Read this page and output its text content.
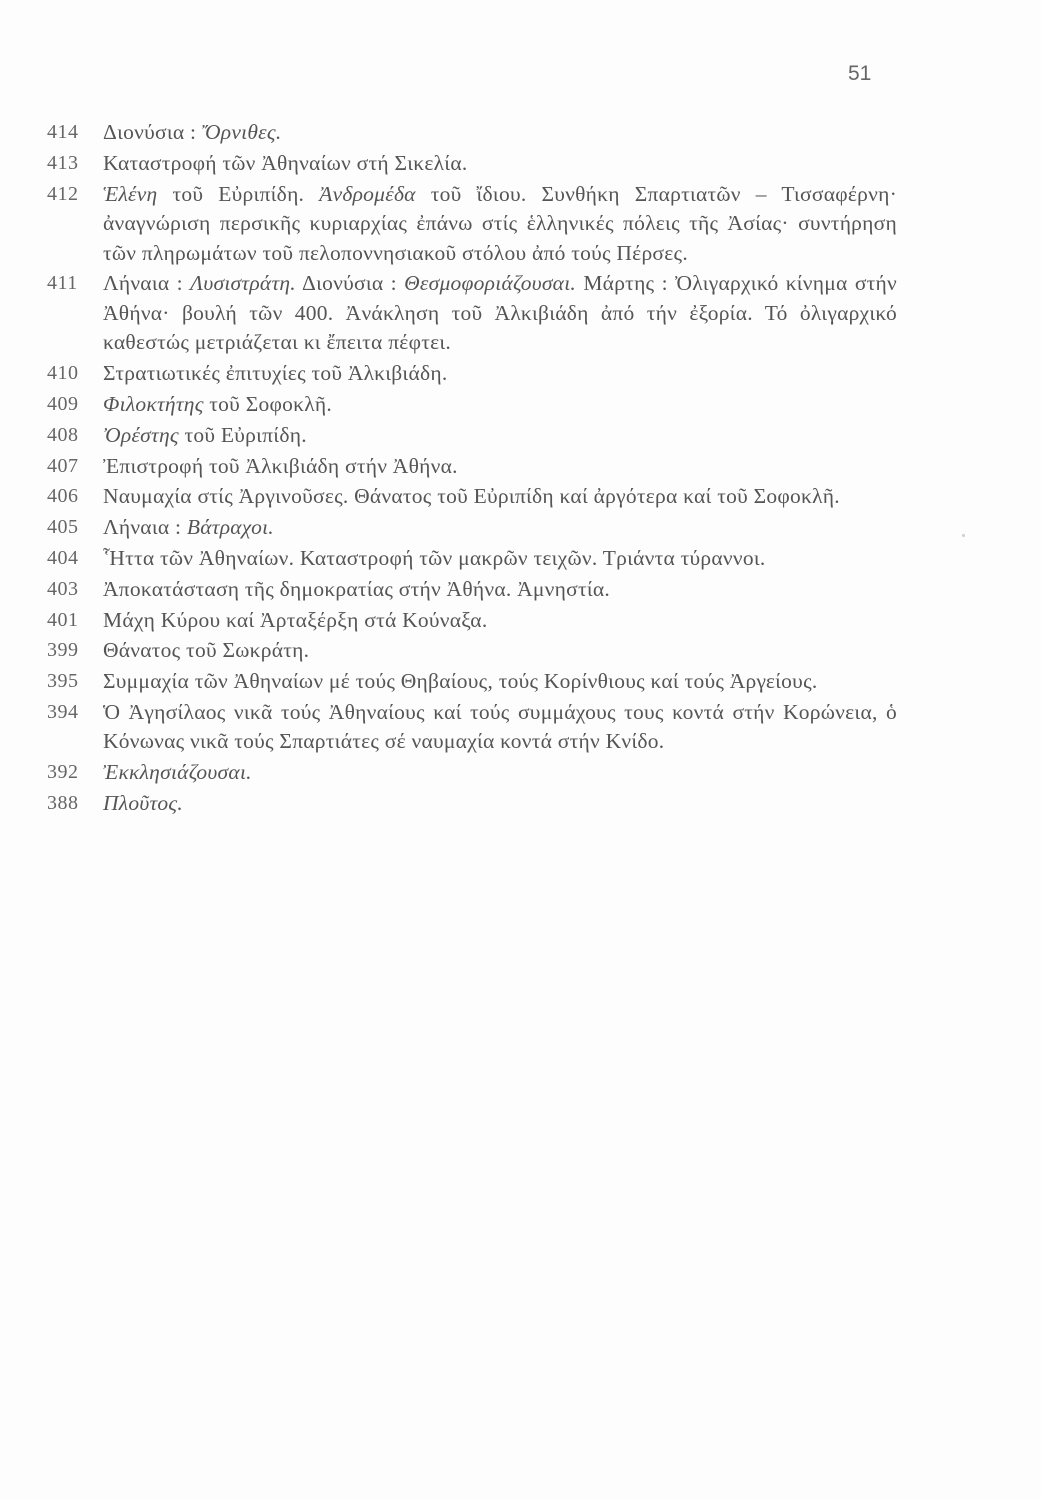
51
414	Διονύσια : Ὄρνιθες.
413	Καταστροφή τῶν Ἀθηναίων στή Σικελία.
412	Ἑλένη τοῦ Εὐριπίδη. Ἀνδρομέδα τοῦ ἴδιου. Συνθήκη Σπαρτιατῶν – Τισσαφέρνη· ἀναγνώριση περσικῆς κυριαρχίας ἐπάνω στίς ἑλληνικές πόλεις τῆς Ἀσίας· συντήρηση τῶν πληρωμάτων τοῦ πελοποννησιακοῦ στόλου ἀπό τούς Πέρσες.
411	Λήναια : Λυσιστράτη. Διονύσια : Θεσμοφοριάζουσαι. Μάρτης : Ὀλιγαρχικό κίνημα στήν Ἀθήνα· βουλή τῶν 400. Ἀνάκληση τοῦ Ἀλκιβιάδη ἀπό τήν ἐξορία. Τό ὀλιγαρχικό καθεστώς μετριάζεται κι ἔπειτα πέφτει.
410	Στρατιωτικές ἐπιτυχίες τοῦ Ἀλκιβιάδη.
409	Φιλοκτήτης τοῦ Σοφοκλῆ.
408	Ὀρέστης τοῦ Εὐριπίδη.
407	Ἐπιστροφή τοῦ Ἀλκιβιάδη στήν Ἀθήνα.
406	Ναυμαχία στίς Ἀργινοῦσες. Θάνατος τοῦ Εὐριπίδη καί ἀργότερα καί τοῦ Σοφοκλῆ.
405	Λήναια : Βάτραχοι.
404	Ἧττα τῶν Ἀθηναίων. Καταστροφή τῶν μακρῶν τειχῶν. Τριάντα τύραννοι.
403	Ἀποκατάσταση τῆς δημοκρατίας στήν Ἀθήνα. Ἀμνηστία.
401	Μάχη Κύρου καί Ἀρταξέρξη στά Κούναξα.
399	Θάνατος τοῦ Σωκράτη.
395	Συμμαχία τῶν Ἀθηναίων μέ τούς Θηβαίους, τούς Κορίνθιους καί τούς Ἀργείους.
394	Ὁ Ἀγησίλαος νικᾶ τούς Ἀθηναίους καί τούς συμμάχους τους κοντά στήν Κορώνεια, ὁ Κόνωνας νικᾶ τούς Σπαρτιάτες σέ ναυμαχία κοντά στήν Κνίδο.
392	Ἐκκλησιάζουσαι.
388	Πλοῦτος.
